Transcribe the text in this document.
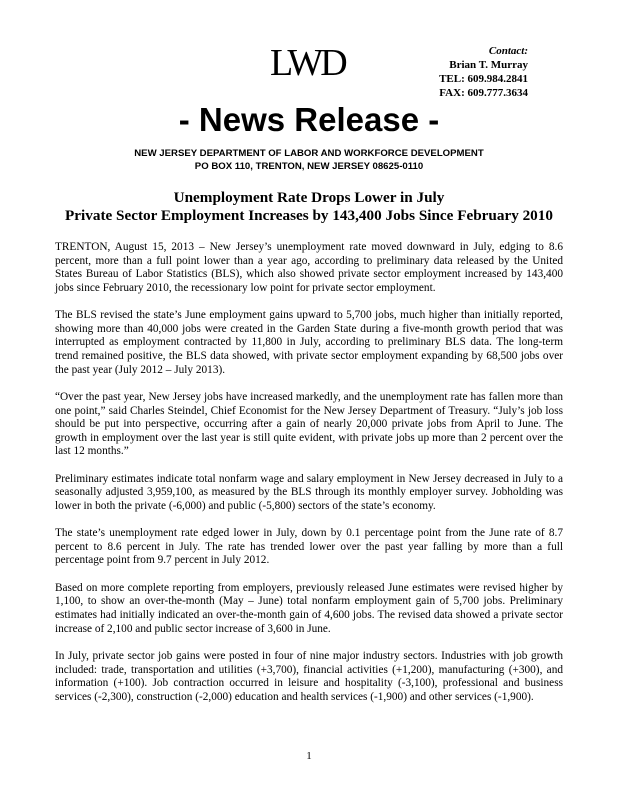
LWD	Contact:
Brian T. Murray
TEL: 609.984.2841
FAX: 609.777.3634
- News Release -
NEW JERSEY DEPARTMENT OF LABOR AND WORKFORCE DEVELOPMENT
PO BOX 110, TRENTON, NEW JERSEY 08625-0110
Unemployment Rate Drops Lower in July
Private Sector Employment Increases by 143,400 Jobs Since February 2010

TRENTON, August 15, 2013 – New Jersey’s unemployment rate moved downward in July, edging to 8.6 percent, more than a full point lower than a year ago, according to preliminary data released by the United States Bureau of Labor Statistics (BLS), which also showed private sector employment increased by 143,400 jobs since February 2010, the recessionary low point for private sector employment.

The BLS revised the state’s June employment gains upward to 5,700 jobs, much higher than initially reported, showing more than 40,000 jobs were created in the Garden State during a five-month growth period that was interrupted as employment contracted by 11,800 in July, according to preliminary BLS data. The long-term trend remained positive, the BLS data showed, with private sector employment expanding by 68,500 jobs over the past year (July 2012 – July 2013).

“Over the past year, New Jersey jobs have increased markedly, and the unemployment rate has fallen more than one point,” said Charles Steindel, Chief Economist for the New Jersey Department of Treasury. “July’s job loss should be put into perspective, occurring after a gain of nearly 20,000 private jobs from April to June. The growth in employment over the last year is still quite evident, with private jobs up more than 2 percent over the last 12 months.”

Preliminary estimates indicate total nonfarm wage and salary employment in New Jersey decreased in July to a seasonally adjusted 3,959,100, as measured by the BLS through its monthly employer survey. Jobholding was lower in both the private (-6,000) and public (-5,800) sectors of the state’s economy.

The state’s unemployment rate edged lower in July, down by 0.1 percentage point from the June rate of 8.7 percent to 8.6 percent in July. The rate has trended lower over the past year falling by more than a full percentage point from 9.7 percent in July 2012.

Based on more complete reporting from employers, previously released June estimates were revised higher by 1,100, to show an over-the-month (May – June) total nonfarm employment gain of 5,700 jobs. Preliminary estimates had initially indicated an over-the-month gain of 4,600 jobs. The revised data showed a private sector increase of 2,100 and public sector increase of 3,600 in June.

In July, private sector job gains were posted in four of nine major industry sectors. Industries with job growth included: trade, transportation and utilities (+3,700), financial activities (+1,200), manufacturing (+300), and information (+100). Job contraction occurred in leisure and hospitality (-3,100), professional and business services (-2,300), construction (-2,000) education and health services (-1,900) and other services (-1,900).

1
